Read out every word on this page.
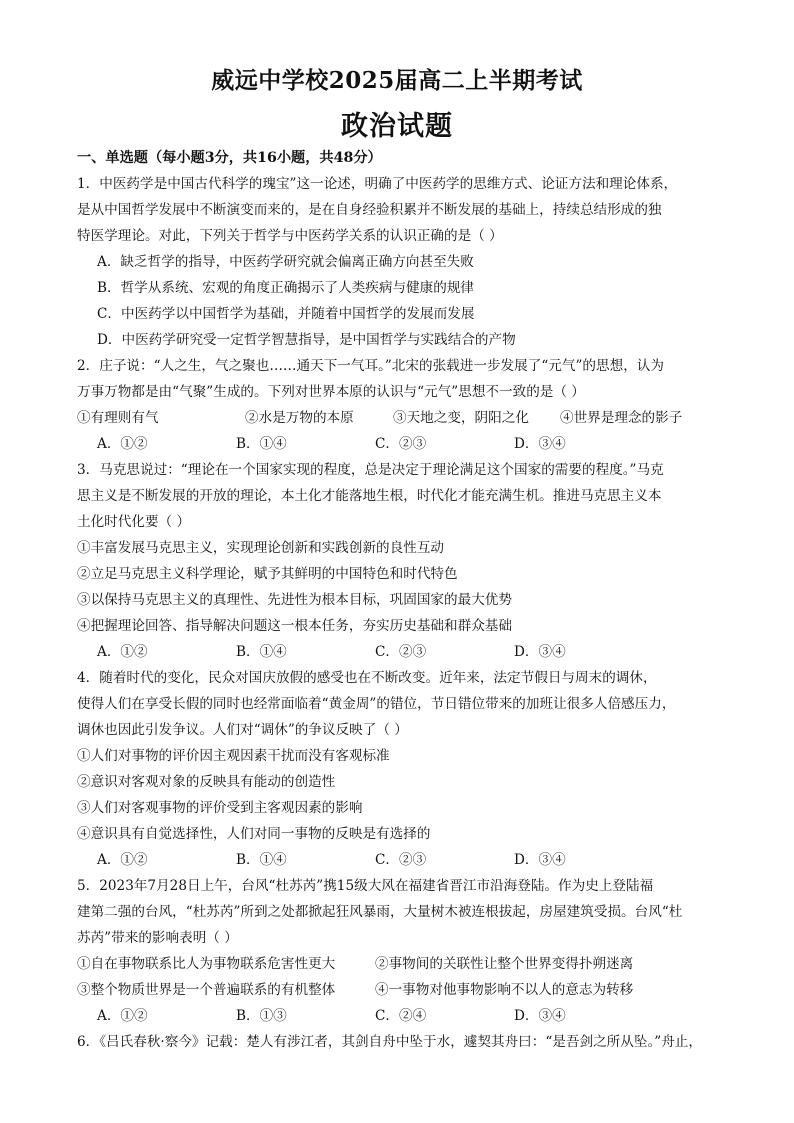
威远中学校2025届高二上半期考试
政治试题
一、单选题（每小题3分，共16小题，共48分）
1．中医药学是中国古代科学的瑰宝”这一论述，明确了中医药学的思维方式、论证方法和理论体系，
是从中国哲学发展中不断演变而来的，是在自身经验积累并不断发展的基础上，持续总结形成的独
特医学理论。对此，下列关于哲学与中医药学关系的认识正确的是（ ）
A．缺乏哲学的指导，中医药学研究就会偏离正确方向甚至失败
B．哲学从系统、宏观的角度正确揭示了人类疾病与健康的规律
C．中医药学以中国哲学为基础，并随着中国哲学的发展而发展
D．中医药学研究受一定哲学智慧指导，是中国哲学与实践结合的产物
2．庄子说：“人之生，气之聚也……通天下一气耳。”北宋的张载进一步发展了“元气”的思想，认为
万事万物都是由“气聚”生成的。下列对世界本原的认识与“元气”思想不一致的是（ ）
①有理则有气	②水是万物的本原	③天地之变，阴阳之化	④世界是理念的影子
A．①②	B．①④	C．②③	D．③④
3．马克思说过：“理论在一个国家实现的程度，总是决定于理论满足这个国家的需要的程度。”马克
思主义是不断发展的开放的理论，本土化才能落地生根，时代化才能充满生机。推进马克思主义本
土化时代化要（ ）
①丰富发展马克思主义，实现理论创新和实践创新的良性互动
②立足马克思主义科学理论，赋予其鲜明的中国特色和时代特色
③以保持马克思主义的真理性、先进性为根本目标，巩固国家的最大优势
④把握理论回答、指导解决问题这一根本任务，夯实历史基础和群众基础
A．①②	B．①④	C．②③	D．③④
4．随着时代的变化，民众对国庆放假的感受也在不断改变。近年来，法定节假日与周末的调休，
使得人们在享受长假的同时也经常面临着“黄金周”的错位，节日错位带来的加班让很多人倍感压力，
调休也因此引发争议。人们对“调休”的争议反映了（ ）
①人们对事物的评价因主观因素干扰而没有客观标准
②意识对客观对象的反映具有能动的创造性
③人们对客观事物的评价受到主客观因素的影响
④意识具有自觉选择性，人们对同一事物的反映是有选择的
A．①②	B．①④	C．②③	D．③④
5．2023年7月28日上午，台风“杜苏芮”携15级大风在福建省晋江市沿海登陆。作为史上登陆福
建第二强的台风，“杜苏芮”所到之处都掀起狂风暴雨，大量树木被连根拔起，房屋建筑受损。台风“杜
苏芮”带来的影响表明（ ）
①自在事物联系比人为事物联系危害性更大	②事物间的关联性让整个世界变得扑朔迷离
③整个物质世界是一个普遍联系的有机整体	④一事物对他事物影响不以人的意志为转移
A．①②	B．①③	C．②④	D．③④
6．《吕氏春秋·察今》记载：楚人有涉江者，其剑自舟中坠于水，遽契其舟曰：“是吾剑之所从坠。”舟止，
